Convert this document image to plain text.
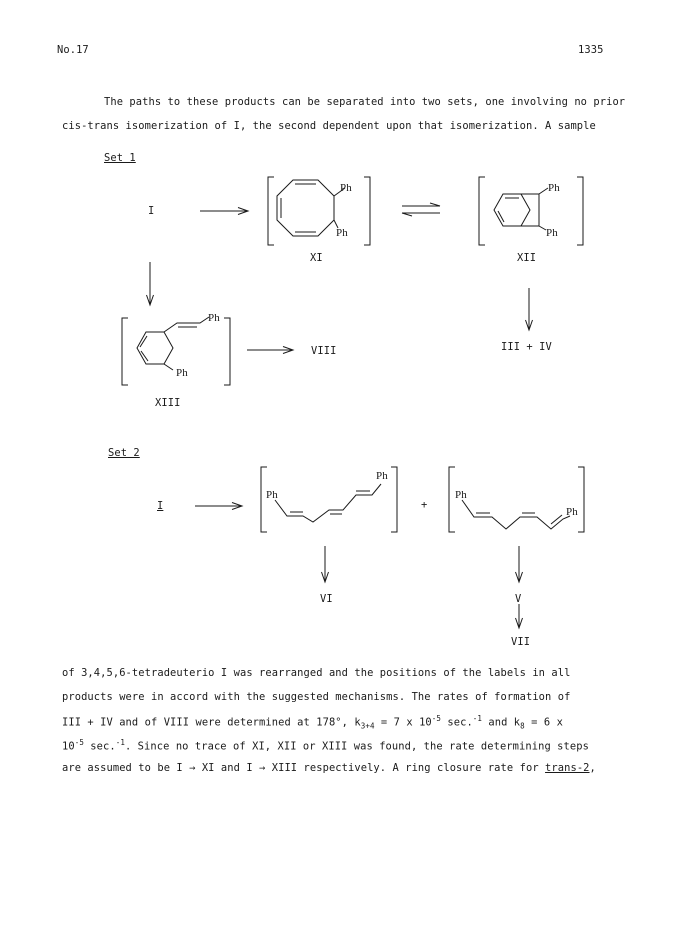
No.17	1335
The paths to these products can be separated into two sets, one involving no prior
cis-trans isomerization of I, the second dependent upon that isomerization. A sample
Set 1
Set 2
Ph
Ph
Ph
Ph
Ph
Ph
Ph
Ph	Ph
Ph
I
XI	XII
VIII	III + IV
XIII
I	+
VI	V
VII
of 3,4,5,6-tetradeuterio I was rearranged and the positions of the labels in all
products were in accord with the suggested mechanisms. The rates of formation of
III + IV and of VIII were determined at 178°, $k_{3+4} = 7$ x $10^{-5}$ sec.$^{-1}$ and $k_8 = 6$ x
$10^{-5}$ sec.$^{-1}$. Since no trace of XI, XII or XIII was found, the rate determining steps
are assumed to be I → XI and I → XIII respectively. A ring closure rate for trans-2,
